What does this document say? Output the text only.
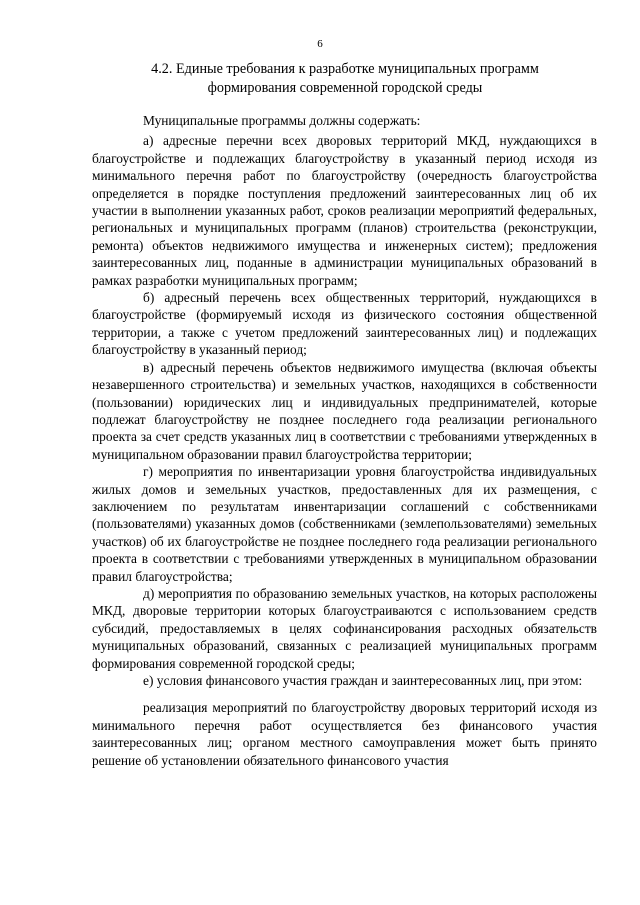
6
4.2. Единые требования к разработке муниципальных программ
формирования современной городской среды

Муниципальные программы должны содержать:

а) адресные перечни всех дворовых территорий МКД, нуждающихся в благоустройстве и подлежащих благоустройству в указанный период исходя из минимального перечня работ по благоустройству (очередность благоустройства определяется в порядке поступления предложений заинтересованных лиц об их участии в выполнении указанных работ, сроков реализации мероприятий федеральных, региональных и муниципальных программ (планов) строительства (реконструкции, ремонта) объектов недвижимого имущества и инженерных систем); предложения заинтересованных лиц, поданные в администрации муниципальных образований в рамках разработки муниципальных программ;

б) адресный перечень всех общественных территорий, нуждающихся в благоустройстве (формируемый исходя из физического состояния общественной территории, а также с учетом предложений заинтересованных лиц) и подлежащих благоустройству в указанный период;

в) адресный перечень объектов недвижимого имущества (включая объекты незавершенного строительства) и земельных участков, находящихся в собственности (пользовании) юридических лиц и индивидуальных предпринимателей, которые подлежат благоустройству не позднее последнего года реализации регионального проекта за счет средств указанных лиц в соответствии с требованиями утвержденных в муниципальном образовании правил благоустройства территории;

г) мероприятия по инвентаризации уровня благоустройства индивидуальных жилых домов и земельных участков, предоставленных для их размещения, с заключением по результатам инвентаризации соглашений с собственниками (пользователями) указанных домов (собственниками (землепользователями) земельных участков) об их благоустройстве не позднее последнего года реализации регионального проекта в соответствии с требованиями утвержденных в муниципальном образовании правил благоустройства;

д) мероприятия по образованию земельных участков, на которых расположены МКД, дворовые территории которых благоустраиваются с использованием средств субсидий, предоставляемых в целях софинансирования расходных обязательств муниципальных образований, связанных с реализацией муниципальных программ формирования современной городской среды;

е) условия финансового участия граждан и заинтересованных лиц, при этом:

реализация мероприятий по благоустройству дворовых территорий исходя из минимального перечня работ осуществляется без финансового участия заинтересованных лиц; органом местного самоуправления может быть принято решение об установлении обязательного финансового участия
